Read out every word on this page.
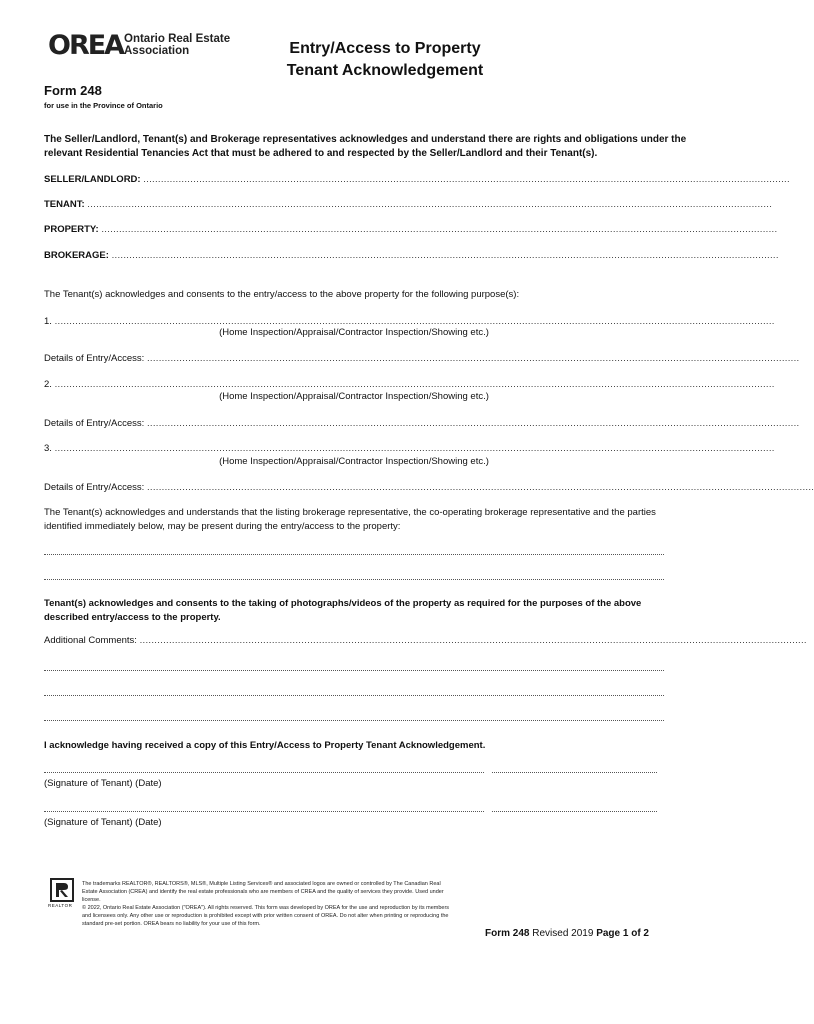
OREA Ontario Real Estate
Association	Entry/Access to Property
Tenant Acknowledgement
Form 248
for use in the Province of Ontario
The Seller/Landlord, Tenant(s) and Brokerage representatives acknowledges and understand there are rights and obligations under the relevant Residential Tenancies Act that must be adhered to and respected by the Seller/Landlord and their Tenant(s).
SELLER/LANDLORD: ............................................................................................................................................................................................................................
TENANT: .........................................................................................................................................................................................................................................
PROPERTY: ......................................................................................................................................................................................................................................
BROKERAGE: ...................................................................................................................................................................................................................................
The Tenant(s) acknowledges and consents to the entry/access to the above property for the following purpose(s):
1. .....................................................................................................................................................................................................................................................
(Home Inspection/Appraisal/Contractor Inspection/Showing etc.)
Details of Entry/Access: ..............................................................................................................................................................................................................................
2. .....................................................................................................................................................................................................................................................
(Home Inspection/Appraisal/Contractor Inspection/Showing etc.)
Details of Entry/Access: ..............................................................................................................................................................................................................................
3. .....................................................................................................................................................................................................................................................
(Home Inspection/Appraisal/Contractor Inspection/Showing etc.)
Details of Entry/Access: ...................................................................................................................................................................................................................................
The Tenant(s) acknowledges and understands that the listing brokerage representative, the co-operating brokerage representative and the parties identified immediately below, may be present during the entry/access to the property:
Tenant(s) acknowledges and consents to the taking of photographs/videos of the property as required for the purposes of the above described entry/access to the property.
Additional Comments: ...................................................................................................................................................................................................................................
I acknowledge having received a copy of this Entry/Access to Property Tenant Acknowledgement.
(Signature of Tenant) (Date)
(Signature of Tenant) (Date)
REALTOR
The trademarks REALTOR®, REALTORS®, MLS®, Multiple Listing Services® and associated logos are owned or controlled by The Canadian Real Estate Association (CREA) and identify the real estate professionals who are members of CREA and the quality of services they provide. Used under license.
© 2022, Ontario Real Estate Association ("OREA"). All rights reserved. This form was developed by OREA for the use and reproduction by its members and licensees only. Any other use or reproduction is prohibited except with prior written consent of OREA. Do not alter when printing or reproducing the standard pre-set portion. OREA bears no liability for your use of this form.
Form 248 Revised 2019 Page 1 of 2
